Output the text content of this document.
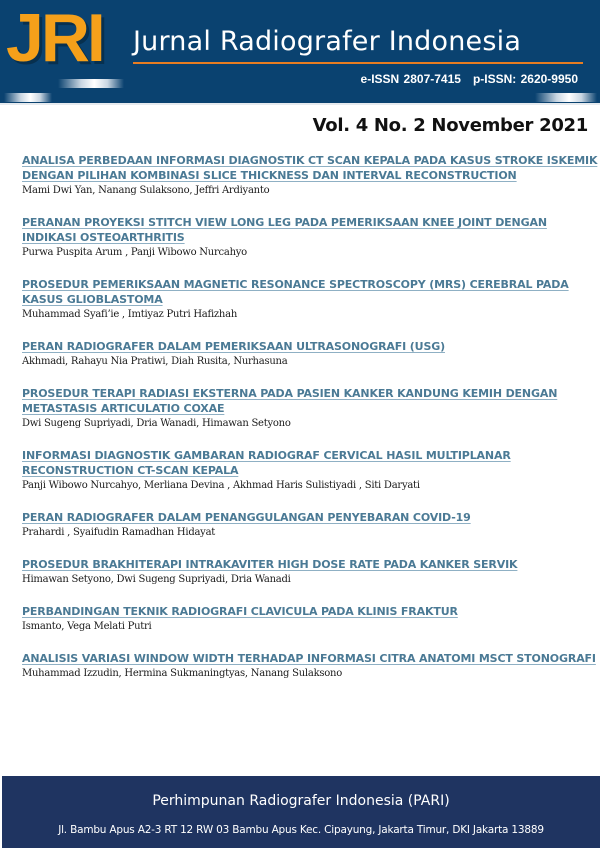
JRI Jurnal Radiografer Indonesia
e-ISSN 2807-7415 p-ISSN: 2620-9950
Vol. 4 No. 2 November 2021
ANALISA PERBEDAAN INFORMASI DIAGNOSTIK CT SCAN KEPALA PADA KASUS STROKE ISKEMIK DENGAN PILIHAN KOMBINASI SLICE THICKNESS DAN INTERVAL RECONSTRUCTION
Mami Dwi Yan, Nanang Sulaksono, Jeffri Ardiyanto
PERANAN PROYEKSI STITCH VIEW LONG LEG PADA PEMERIKSAAN KNEE JOINT DENGAN INDIKASI OSTEOARTHRITIS
Purwa Puspita Arum , Panji Wibowo Nurcahyo
PROSEDUR PEMERIKSAAN MAGNETIC RESONANCE SPECTROSCOPY (MRS) CEREBRAL PADA KASUS GLIOBLASTOMA
Muhammad Syafi’ie , Imtiyaz Putri Hafizhah
PERAN RADIOGRAFER DALAM PEMERIKSAAN ULTRASONOGRAFI (USG)
Akhmadi, Rahayu Nia Pratiwi, Diah Rusita, Nurhasuna
PROSEDUR TERAPI RADIASI EKSTERNA PADA PASIEN KANKER KANDUNG KEMIH DENGAN METASTASIS ARTICULATIO COXAE
Dwi Sugeng Supriyadi, Dria Wanadi, Himawan Setyono
INFORMASI DIAGNOSTIK GAMBARAN RADIOGRAF CERVICAL HASIL MULTIPLANAR RECONSTRUCTION CT-SCAN KEPALA
Panji Wibowo Nurcahyo, Merliana Devina , Akhmad Haris Sulistiyadi , Siti Daryati
PERAN RADIOGRAFER DALAM PENANGGULANGAN PENYEBARAN COVID-19
Prahardi , Syaifudin Ramadhan Hidayat
PROSEDUR BRAKHITERAPI INTRAKAVITER HIGH DOSE RATE PADA KANKER SERVIK
Himawan Setyono, Dwi Sugeng Supriyadi, Dria Wanadi
PERBANDINGAN TEKNIK RADIOGRAFI CLAVICULA PADA KLINIS FRAKTUR
Ismanto, Vega Melati Putri
ANALISIS VARIASI WINDOW WIDTH TERHADAP INFORMASI CITRA ANATOMI MSCT STONOGRAFI
Muhammad Izzudin, Hermina Sukmaningtyas, Nanang Sulaksono
Perhimpunan Radiografer Indonesia (PARI)
Jl. Bambu Apus A2-3 RT 12 RW 03 Bambu Apus Kec. Cipayung, Jakarta Timur, DKI Jakarta 13889
